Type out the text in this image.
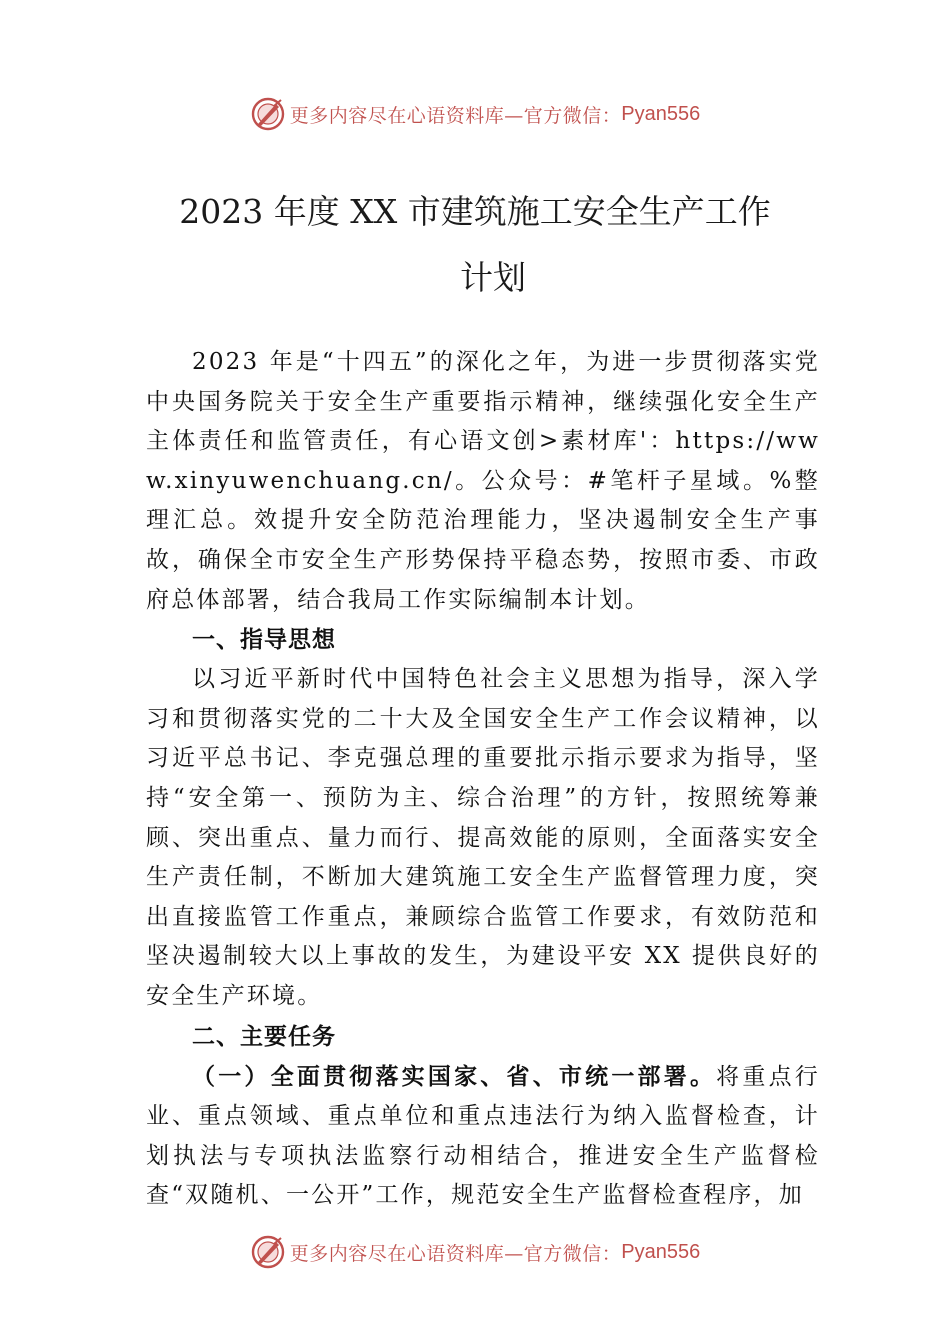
更多内容尽在心语资料库—官方微信： Pyan556
2023 年度 XX 市建筑施工安全生产工作
计划

2023 年是“十四五”的深化之年，为进一步贯彻落实党中央国务院关于安全生产重要指示精神，继续强化安全生产主体责任和监管责任，有心语文创>素材库'：https://www.xinyuwenchuang.cn/。公众号：#笔杆子星域。%整理汇总。效提升安全防范治理能力，坚决遏制安全生产事故，确保全市安全生产形势保持平稳态势，按照市委、市政府总体部署，结合我局工作实际编制本计划。

一、指导思想

以习近平新时代中国特色社会主义思想为指导，深入学习和贯彻落实党的二十大及全国安全生产工作会议精神，以习近平总书记、李克强总理的重要批示指示要求为指导，坚持“安全第一、预防为主、综合治理”的方针，按照统筹兼顾、突出重点、量力而行、提高效能的原则，全面落实安全生产责任制，不断加大建筑施工安全生产监督管理力度，突出直接监管工作重点，兼顾综合监管工作要求，有效防范和坚决遏制较大以上事故的发生，为建设平安 XX 提供良好的安全生产环境。

二、主要任务

（一）全面贯彻落实国家、省、市统一部署。将重点行业、重点领域、重点单位和重点违法行为纳入监督检查，计划执法与专项执法监察行动相结合，推进安全生产监督检查“双随机、一公开”工作，规范安全生产监督检查程序，加

更多内容尽在心语资料库—官方微信： Pyan556
